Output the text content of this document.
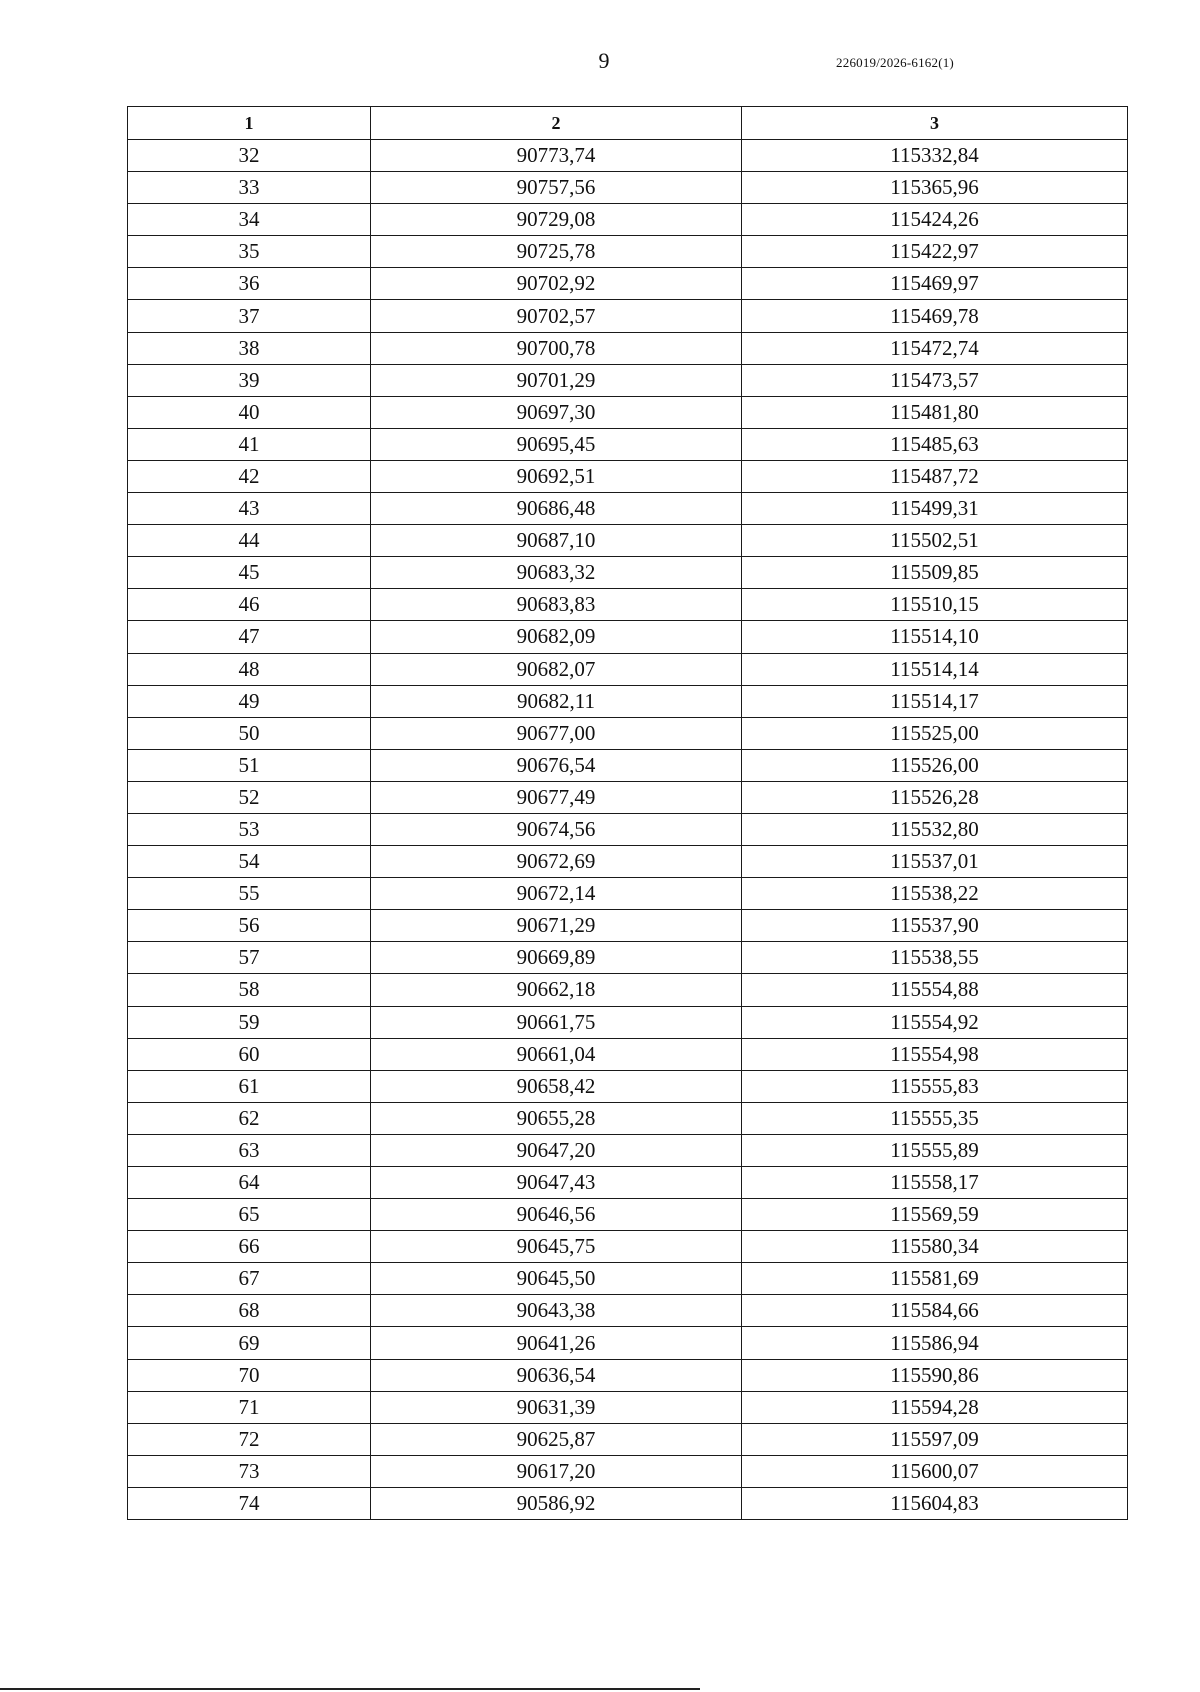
9	226019/2026-6162(1)
1	2	3
32	90773,74	115332,84
33	90757,56	115365,96
34	90729,08	115424,26
35	90725,78	115422,97
36	90702,92	115469,97
37	90702,57	115469,78
38	90700,78	115472,74
39	90701,29	115473,57
40	90697,30	115481,80
41	90695,45	115485,63
42	90692,51	115487,72
43	90686,48	115499,31
44	90687,10	115502,51
45	90683,32	115509,85
46	90683,83	115510,15
47	90682,09	115514,10
48	90682,07	115514,14
49	90682,11	115514,17
50	90677,00	115525,00
51	90676,54	115526,00
52	90677,49	115526,28
53	90674,56	115532,80
54	90672,69	115537,01
55	90672,14	115538,22
56	90671,29	115537,90
57	90669,89	115538,55
58	90662,18	115554,88
59	90661,75	115554,92
60	90661,04	115554,98
61	90658,42	115555,83
62	90655,28	115555,35
63	90647,20	115555,89
64	90647,43	115558,17
65	90646,56	115569,59
66	90645,75	115580,34
67	90645,50	115581,69
68	90643,38	115584,66
69	90641,26	115586,94
70	90636,54	115590,86
71	90631,39	115594,28
72	90625,87	115597,09
73	90617,20	115600,07
74	90586,92	115604,83
